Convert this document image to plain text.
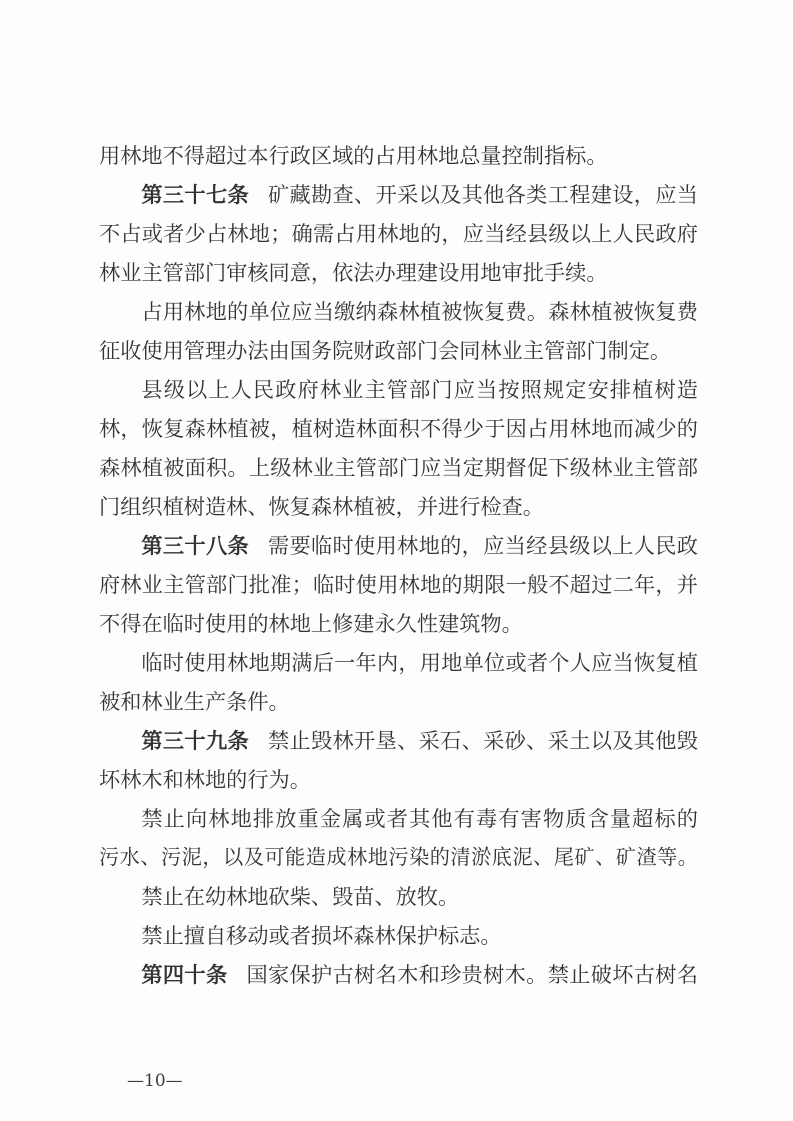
用林地不得超过本行政区域的占用林地总量控制指标。
第三十七条 矿藏勘查、开采以及其他各类工程建设，应当
不占或者少占林地；确需占用林地的，应当经县级以上人民政府
林业主管部门审核同意，依法办理建设用地审批手续。
占用林地的单位应当缴纳森林植被恢复费。森林植被恢复费
征收使用管理办法由国务院财政部门会同林业主管部门制定。
县级以上人民政府林业主管部门应当按照规定安排植树造
林，恢复森林植被，植树造林面积不得少于因占用林地而减少的
森林植被面积。上级林业主管部门应当定期督促下级林业主管部
门组织植树造林、恢复森林植被，并进行检查。
第三十八条 需要临时使用林地的，应当经县级以上人民政
府林业主管部门批准；临时使用林地的期限一般不超过二年，并
不得在临时使用的林地上修建永久性建筑物。
临时使用林地期满后一年内，用地单位或者个人应当恢复植
被和林业生产条件。
第三十九条 禁止毁林开垦、采石、采砂、采土以及其他毁
坏林木和林地的行为。
禁止向林地排放重金属或者其他有毒有害物质含量超标的
污水、污泥，以及可能造成林地污染的清淤底泥、尾矿、矿渣等。
禁止在幼林地砍柴、毁苗、放牧。
禁止擅自移动或者损坏森林保护标志。
第四十条 国家保护古树名木和珍贵树木。禁止破坏古树名
—10—
